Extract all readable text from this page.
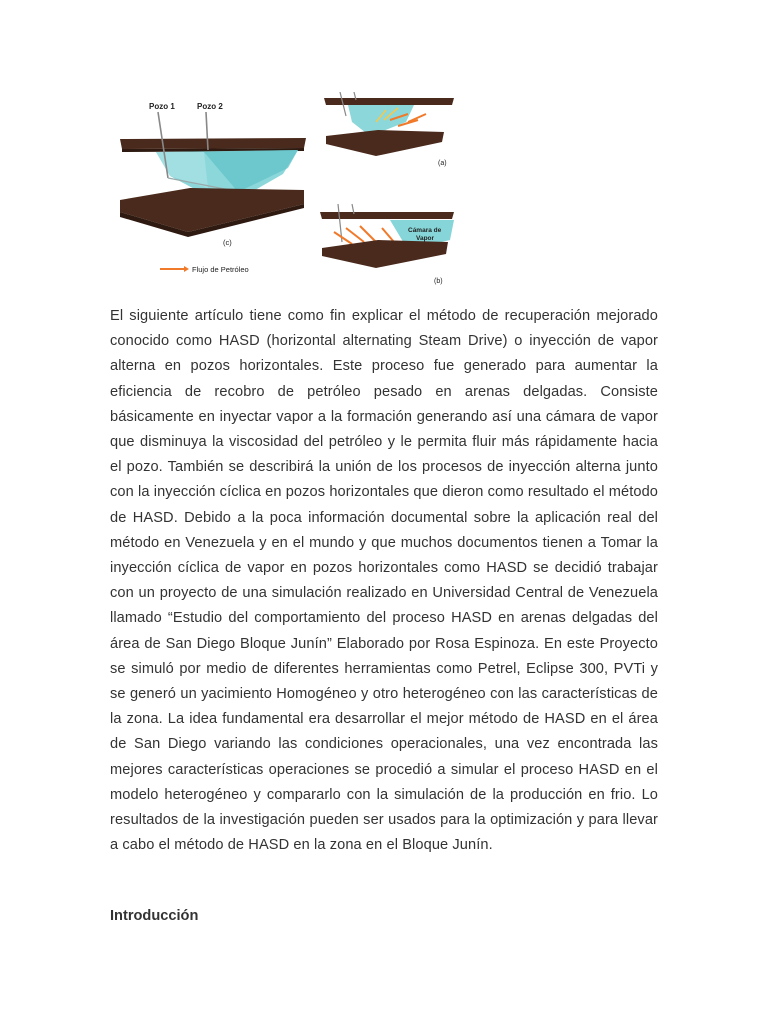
Pozo 1	Pozo 2
(c)
(a)
Cámara de
Vapor
(b)
Flujo de Petróleo

El siguiente artículo tiene como fin explicar el método de recuperación mejorado conocido como HASD (horizontal alternating Steam Drive) o inyección de vapor alterna en pozos horizontales. Este proceso fue generado para aumentar la eficiencia de recobro de petróleo pesado en arenas delgadas. Consiste básicamente en inyectar vapor a la formación generando así una cámara de vapor que disminuya la viscosidad del petróleo y le permita fluir más rápidamente hacia el pozo. También se describirá la unión de los procesos de inyección alterna junto con la inyección cíclica en pozos horizontales que dieron como resultado el método de HASD. Debido a la poca información documental sobre la aplicación real del método en Venezuela y en el mundo y que muchos documentos tienen a Tomar la inyección cíclica de vapor en pozos horizontales como HASD se decidió trabajar con un proyecto de una simulación realizado en Universidad Central de Venezuela llamado “Estudio del comportamiento del proceso HASD en arenas delgadas del área de San Diego Bloque Junín” Elaborado por Rosa Espinoza. En este Proyecto se simuló por medio de diferentes herramientas como Petrel, Eclipse 300, PVTi y se generó un yacimiento Homogéneo y otro heterogéneo con las características de la zona. La idea fundamental era desarrollar el mejor método de HASD en el área de San Diego variando las condiciones operacionales, una vez encontrada las mejores características operaciones se procedió a simular el proceso HASD en el modelo heterogéneo y compararlo con la simulación de la producción en frio. Lo resultados de la investigación pueden ser usados para la optimización y para llevar a cabo el método de HASD en la zona en el Bloque Junín.

Introducción
